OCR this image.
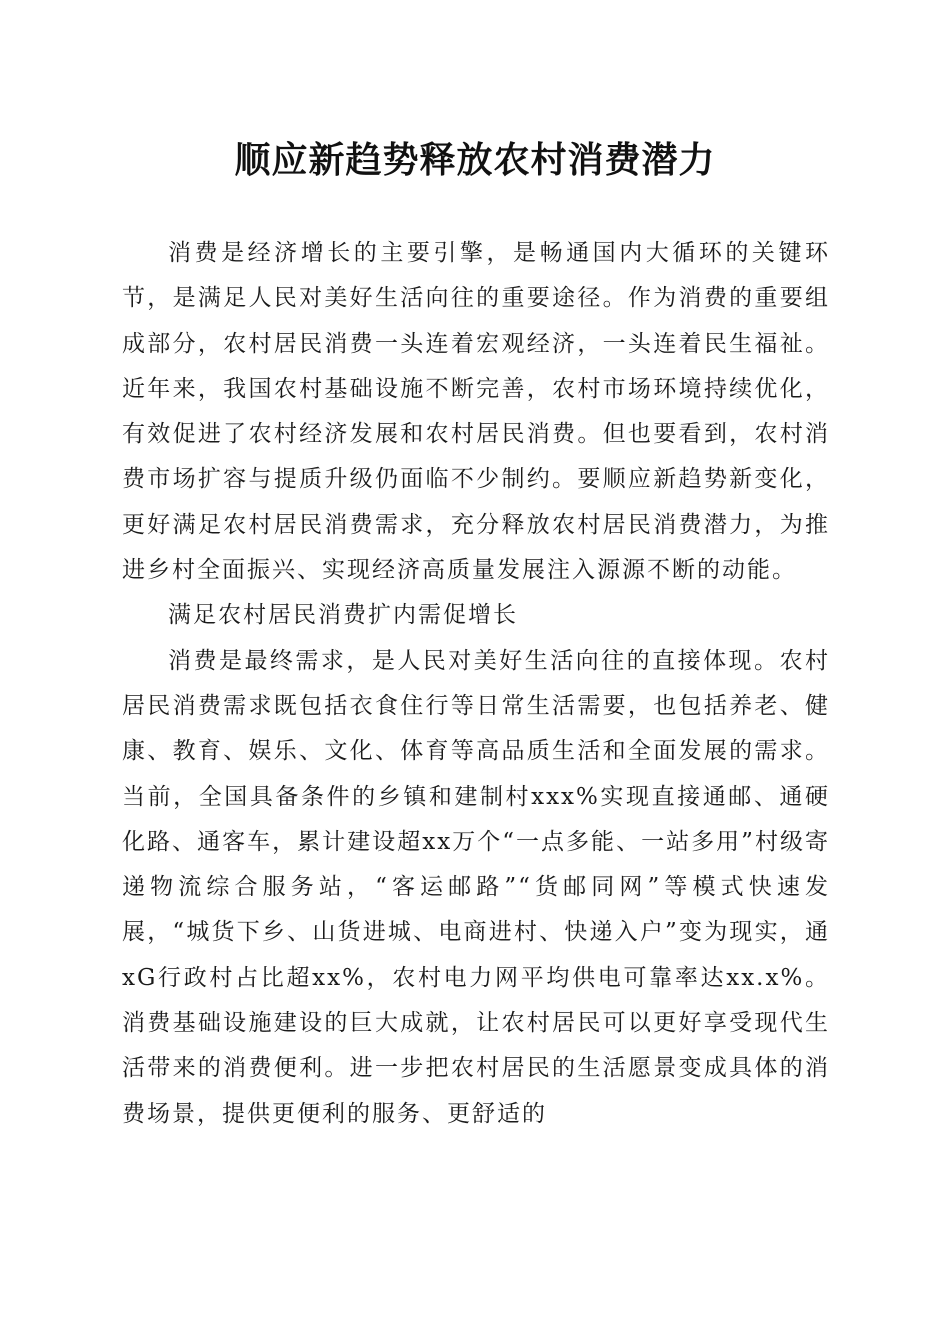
顺应新趋势释放农村消费潜力

消费是经济增长的主要引擎，是畅通国内大循环的关键环节，是满足人民对美好生活向往的重要途径。作为消费的重要组成部分，农村居民消费一头连着宏观经济，一头连着民生福祉。近年来，我国农村基础设施不断完善，农村市场环境持续优化，有效促进了农村经济发展和农村居民消费。但也要看到，农村消费市场扩容与提质升级仍面临不少制约。要顺应新趋势新变化，更好满足农村居民消费需求，充分释放农村居民消费潜力，为推进乡村全面振兴、实现经济高质量发展注入源源不断的动能。

满足农村居民消费扩内需促增长

消费是最终需求，是人民对美好生活向往的直接体现。农村居民消费需求既包括衣食住行等日常生活需要，也包括养老、健康、教育、娱乐、文化、体育等高品质生活和全面发展的需求。当前，全国具备条件的乡镇和建制村xxx%实现直接通邮、通硬化路、通客车，累计建设超xx万个“一点多能、一站多用”村级寄递物流综合服务站，“客运邮路”“货邮同网”等模式快速发展，“城货下乡、山货进城、电商进村、快递入户”变为现实，通xG行政村占比超xx%，农村电力网平均供电可靠率达xx.x%。消费基础设施建设的巨大成就，让农村居民可以更好享受现代生活带来的消费便利。进一步把农村居民的生活愿景变成具体的消费场景，提供更便利的服务、更舒适的
